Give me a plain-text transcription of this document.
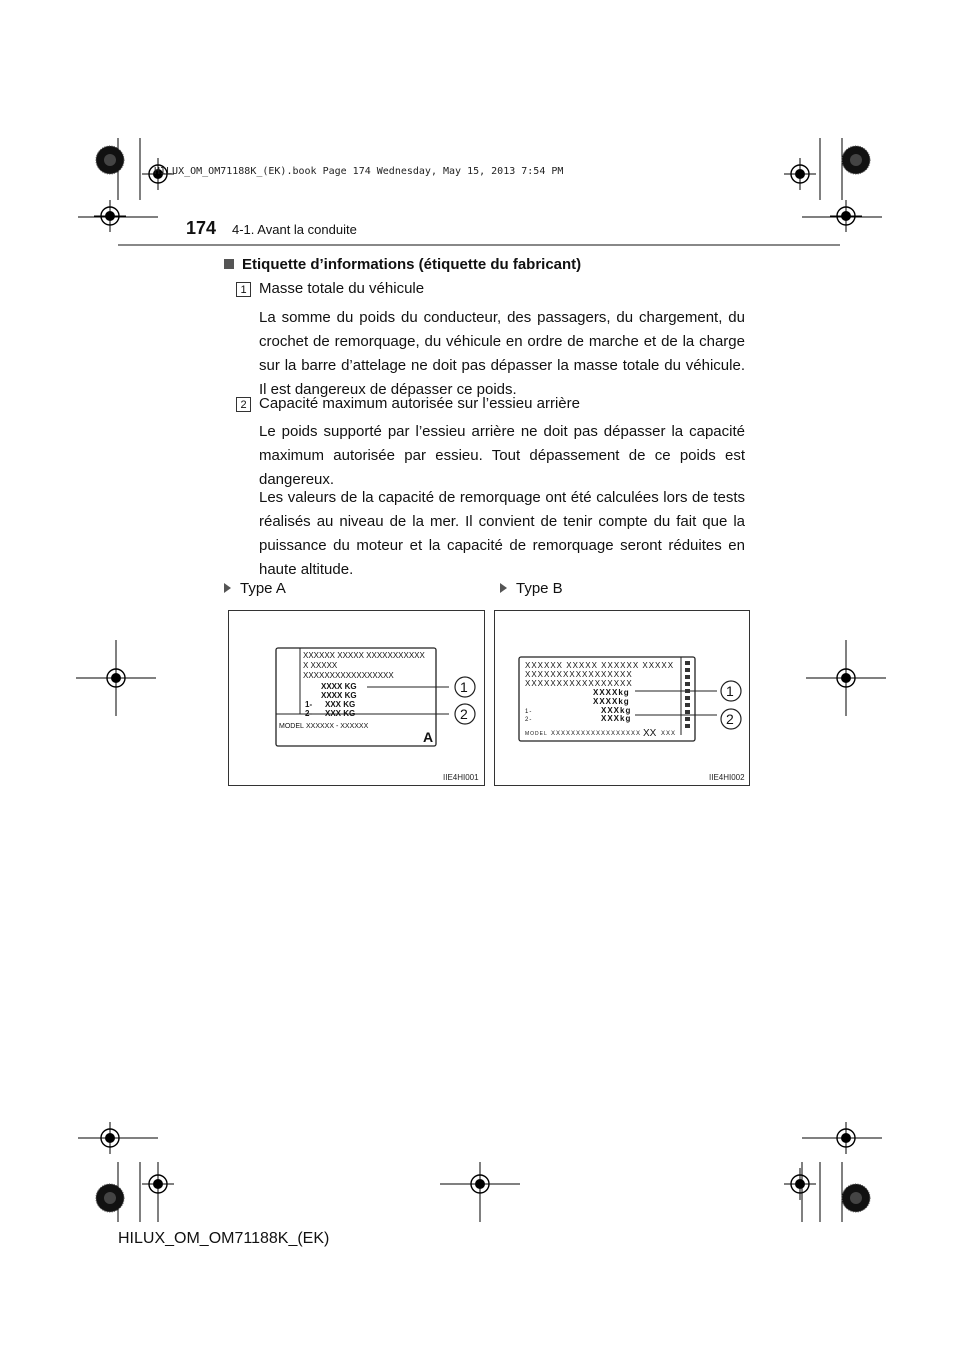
HILUX_OM_OM71188K_(EK).book Page 174 Wednesday, May 15, 2013 7:54 PM
174 4-1. Avant la conduite
Etiquette d’informations (étiquette du fabricant)
1 Masse totale du véhicule
La somme du poids du conducteur, des passagers, du chargement, du crochet de remorquage, du véhicule en ordre de marche et de la charge sur la barre d’attelage ne doit pas dépasser la masse totale du véhicule. Il est dangereux de dépasser ce poids.
2 Capacité maximum autorisée sur l’essieu arrière
Le poids supporté par l’essieu arrière ne doit pas dépasser la capacité maximum autorisée par essieu. Tout dépassement de ce poids est dangereux.
Les valeurs de la capacité de remorquage ont été calculées lors de tests réalisés au niveau de la mer. Il convient de tenir compte du fait que la puissance du moteur et la capacité de remorquage seront réduites en haute altitude.
Type A	Type B
XXXXXX XXXXX XXXXXXXXXXX
X XXXXX
XXXXXXXXXXXXXXXXX
XXXX KG
XXXX KG
1- XXX KG
2- XXX KG
MODEL XXXXXX - XXXXXX
A
1
2
IIE4HI001
XXXXXX XXXXX XXXXXX XXXXX
XXXXXXXXXXXXXXXXX
XXXXXXXXXXXXXXXXX
XXXXkg
XXXXkg
1-	XXXkg
2-	XXXkg
MODEL XXXXXXXXXXXXXXXXXX XX XXX
1
2
IIE4HI002
HILUX_OM_OM71188K_(EK)
